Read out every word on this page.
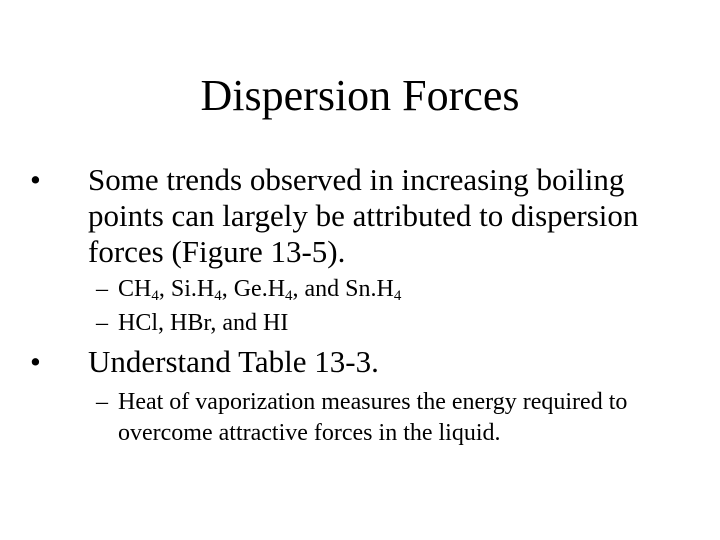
Dispersion Forces
• Some trends observed in increasing boiling points can largely be attributed to dispersion forces (Figure 13-5).
– $CH_4$, $Si.H_4$, $Ge.H_4$, and $Sn.H_4$
– HCl, HBr, and HI
• Understand Table 13-3.
– Heat of vaporization measures the energy required to overcome attractive forces in the liquid.
